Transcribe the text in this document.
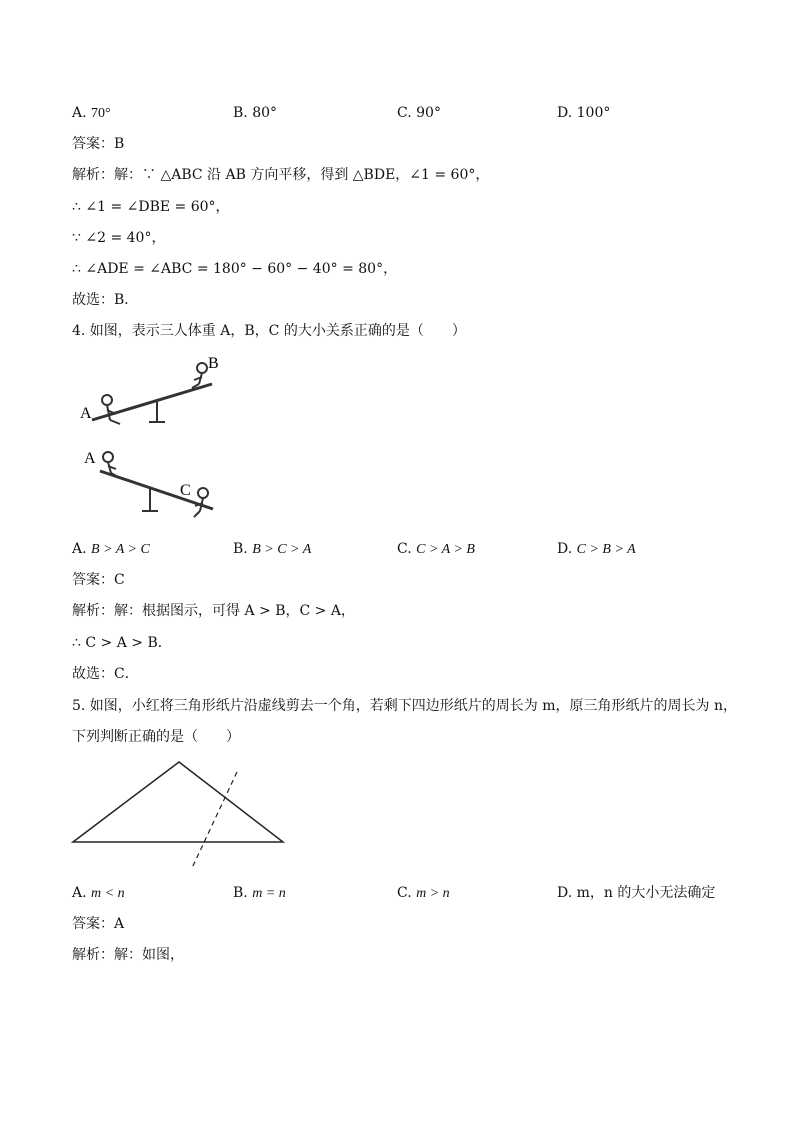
A. 70°	B. 80°	C. 90°	D. 100°
答案：B
解析：解：∵ △ABC 沿 AB 方向平移，得到 △BDE，∠1 = 60°，
∴ ∠1 = ∠DBE = 60°，
∵ ∠2 = 40°，
∴ ∠ADE = ∠ABC = 180° − 60° − 40° = 80°，
故选：B．
4. 如图，表示三人体重 A，B，C 的大小关系正确的是（　　）
A
B
A
C
A. B > A > C	B. B > C > A	C. C > A > B	D. C > B > A
答案：C
解析：解：根据图示，可得 A > B，C > A，
∴ C > A > B．
故选：C．
5. 如图，小红将三角形纸片沿虚线剪去一个角，若剩下四边形纸片的周长为 m，原三角形纸片的周长为 n，
下列判断正确的是（　　）
A. m < n	B. m = n	C. m > n	D. m，n 的大小无法确定
答案：A
解析：解：如图，
